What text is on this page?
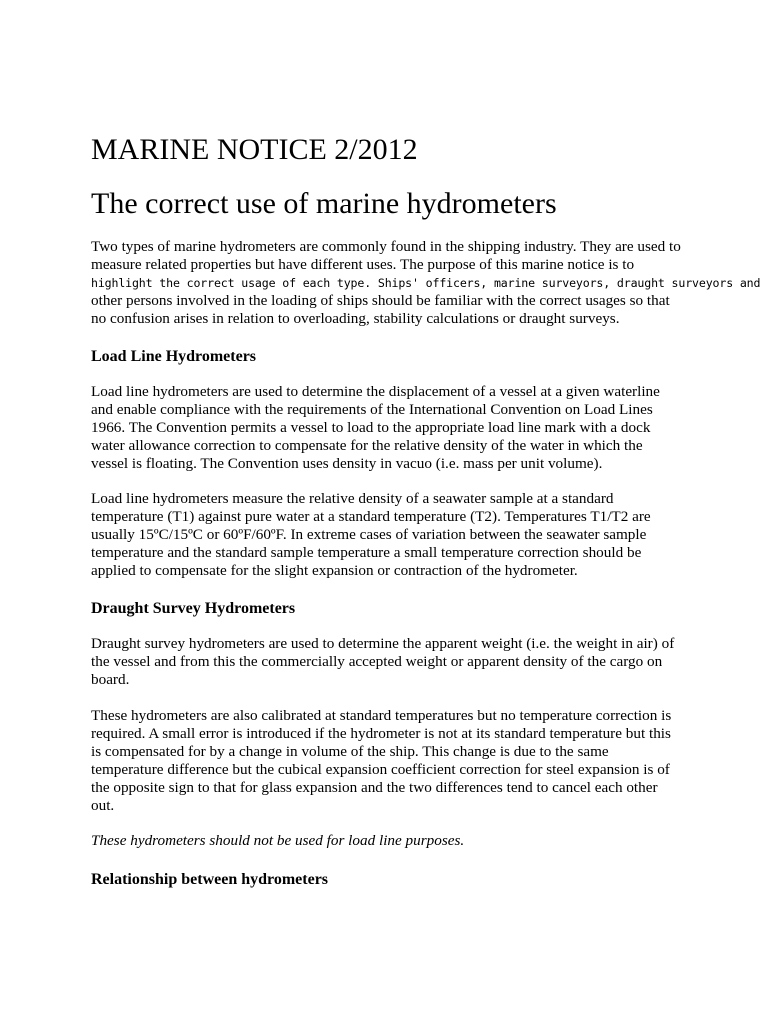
MARINE NOTICE 2/2012
The correct use of marine hydrometers

Two types of marine hydrometers are commonly found in the shipping industry. They are used to
measure related properties but have different uses. The purpose of this marine notice is to
highlight the correct usage of each type. Ships' officers, marine surveyors, draught surveyors and
other persons involved in the loading of ships should be familiar with the correct usages so that
no confusion arises in relation to overloading, stability calculations or draught surveys.

Load Line Hydrometers

Load line hydrometers are used to determine the displacement of a vessel at a given waterline
and enable compliance with the requirements of the International Convention on Load Lines
1966. The Convention permits a vessel to load to the appropriate load line mark with a dock
water allowance correction to compensate for the relative density of the water in which the
vessel is floating. The Convention uses density in vacuo (i.e. mass per unit volume).

Load line hydrometers measure the relative density of a seawater sample at a standard
temperature (T1) against pure water at a standard temperature (T2). Temperatures T1/T2 are
usually 15ºC/15ºC or 60ºF/60ºF. In extreme cases of variation between the seawater sample
temperature and the standard sample temperature a small temperature correction should be
applied to compensate for the slight expansion or contraction of the hydrometer.

Draught Survey Hydrometers

Draught survey hydrometers are used to determine the apparent weight (i.e. the weight in air) of
the vessel and from this the commercially accepted weight or apparent density of the cargo on
board.

These hydrometers are also calibrated at standard temperatures but no temperature correction is
required. A small error is introduced if the hydrometer is not at its standard temperature but this
is compensated for by a change in volume of the ship. This change is due to the same
temperature difference but the cubical expansion coefficient correction for steel expansion is of
the opposite sign to that for glass expansion and the two differences tend to cancel each other
out.

These hydrometers should not be used for load line purposes.

Relationship between hydrometers
